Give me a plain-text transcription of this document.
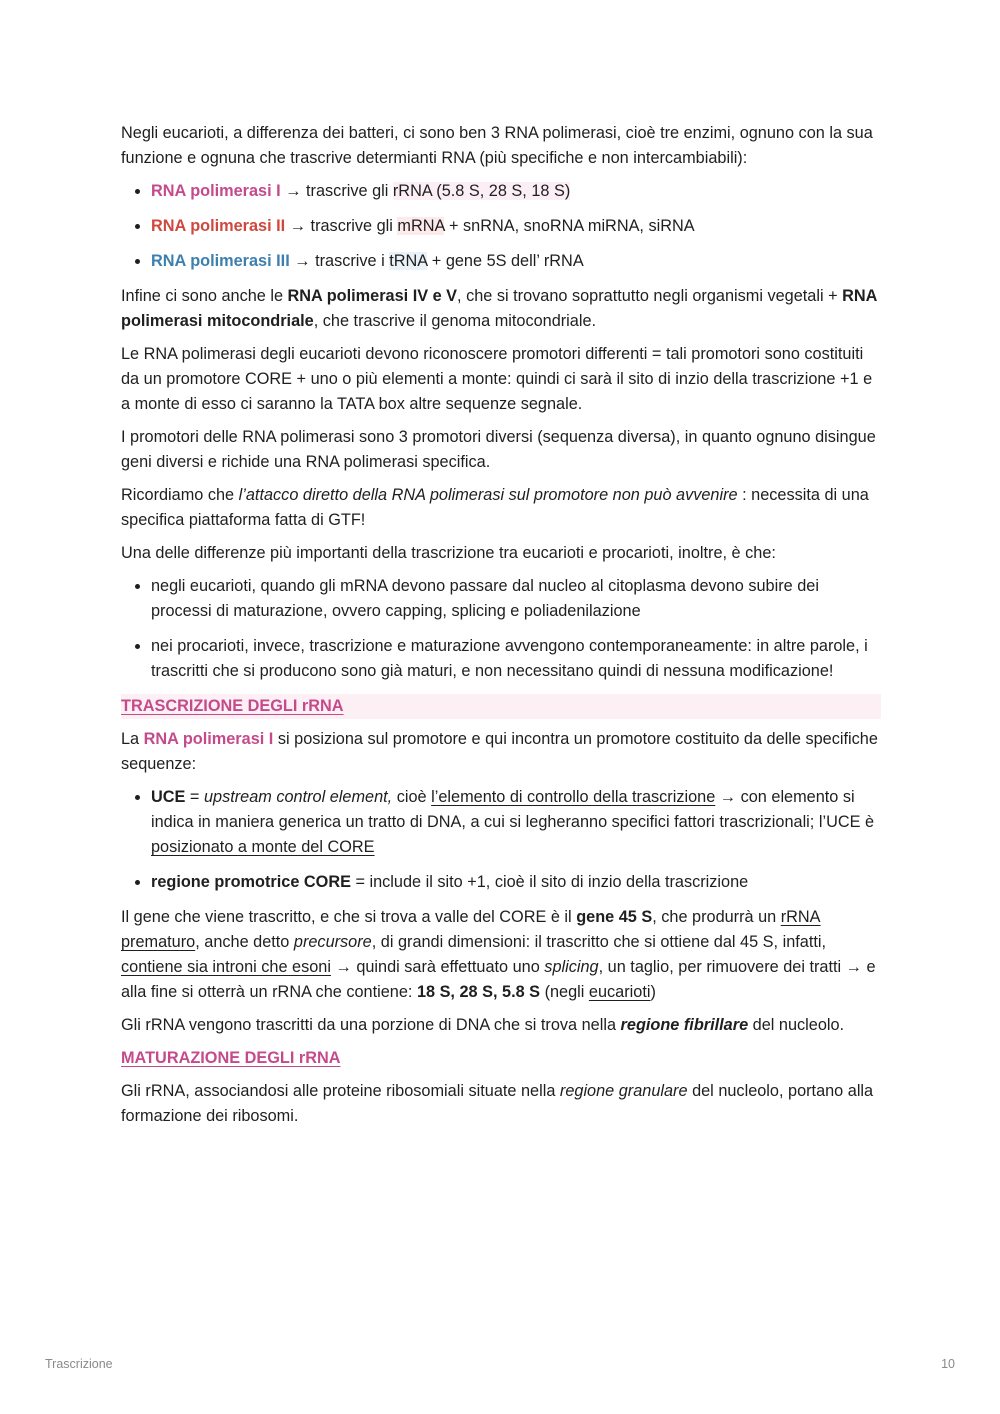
Negli eucarioti, a differenza dei batteri, ci sono ben 3 RNA polimerasi, cioè tre enzimi, ognuno con la sua funzione e ognuna che trascrive determianti RNA (più specifiche e non intercambiabili):

• RNA polimerasi I → trascrive gli rRNA (5.8 S, 28 S, 18 S)
• RNA polimerasi II → trascrive gli mRNA + snRNA, snoRNA miRNA, siRNA
• RNA polimerasi III → trascrive i tRNA + gene 5S dell’ rRNA

Infine ci sono anche le RNA polimerasi IV e V, che si trovano soprattutto negli organismi vegetali + RNA polimerasi mitocondriale, che trascrive il genoma mitocondriale.

Le RNA polimerasi degli eucarioti devono riconoscere promotori differenti = tali promotori sono costituiti da un promotore CORE + uno o più elementi a monte: quindi ci sarà il sito di inzio della trascrizione +1 e a monte di esso ci saranno la TATA box altre sequenze segnale.

I promotori delle RNA polimerasi sono 3 promotori diversi (sequenza diversa), in quanto ognuno disingue geni diversi e richide una RNA polimerasi specifica.

Ricordiamo che l’attacco diretto della RNA polimerasi sul promotore non può avvenire : necessita di una specifica piattaforma fatta di GTF!

Una delle differenze più importanti della trascrizione tra eucarioti e procarioti, inoltre, è che:

• negli eucarioti, quando gli mRNA devono passare dal nucleo al citoplasma devono subire dei processi di maturazione, ovvero capping, splicing e poliadenilazione
• nei procarioti, invece, trascrizione e maturazione avvengono contemporaneamente: in altre parole, i trascritti che si producono sono già maturi, e non necessitano quindi di nessuna modificazione!
TRASCRIZIONE DEGLI rRNA

La RNA polimerasi I si posiziona sul promotore e qui incontra un promotore costituito da delle specifiche sequenze:

• UCE = upstream control element, cioè l’elemento di controllo della trascrizione → con elemento si indica in maniera generica un tratto di DNA, a cui si legheranno specifici fattori trascrizionali; l’UCE è posizionato a monte del CORE
• regione promotrice CORE = include il sito +1, cioè il sito di inzio della trascrizione

Il gene che viene trascritto, e che si trova a valle del CORE è il gene 45 S, che produrrà un rRNA prematuro, anche detto precursore, di grandi dimensioni: il trascritto che si ottiene dal 45 S, infatti, contiene sia introni che esoni → quindi sarà effettuato uno splicing, un taglio, per rimuovere dei tratti → e alla fine si otterrà un rRNA che contiene: 18 S, 28 S, 5.8 S (negli eucarioti)

Gli rRNA vengono trascritti da una porzione di DNA che si trova nella regione fibrillare del nucleolo.

MATURAZIONE DEGLI rRNA

Gli rRNA, associandosi alle proteine ribosomiali situate nella regione granulare del nucleolo, portano alla formazione dei ribosomi.

Trascrizione	10
